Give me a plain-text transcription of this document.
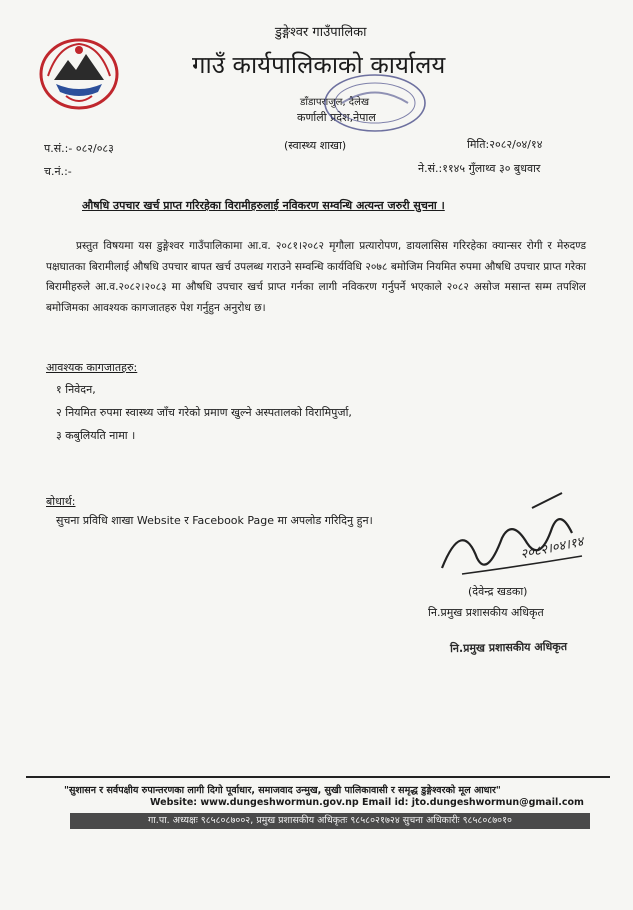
डुङ्गेश्वर गाउँपालिका
गाउँ कार्यपालिकाको कार्यालय
डाँडापराजुल, दैलेख
कर्णाली प्रदेश,नेपाल
(स्वास्थ्य शाखा)
प.सं.:- ०८२/०८३
च.नं.:-
मिति:२०८२/०४/१४
ने.सं.:११४५ गुँलाथ्व ३० बुधवार
औषधि उपचार खर्च प्राप्त गरिरहेका विरामीहरुलाई नविकरण सम्वन्धि अत्यन्त जरुरी सुचना ।

प्रस्तुत विषयमा यस डुङ्गेश्वर गाउँपालिकामा आ.व. २०८१।२०८२ मृगौला प्रत्यारोपण, डायलासिस गरिरहेका क्यान्सर रोगी र मेरुदण्ड पक्षघातका बिरामीलाई औषधि उपचार बापत खर्च उपलब्ध गराउने सम्वन्धि कार्यविधि २०७८ बमोजिम नियमित रुपमा औषधि उपचार प्राप्त गरेका बिरामीहरुले आ.व.२०८२।२०८३ मा औषधि उपचार खर्च प्राप्त गर्नका लागी नविकरण गर्नुपर्ने भएकाले २०८२ असोज मसान्त सम्म तपशिल बमोजिमका आवश्यक कागजातहरु पेश गर्नुहुन अनुरोध छ।

आवश्यक कागजातहरु:
१ निवेदन,
२ नियमित रुपमा स्वास्थ्य जाँच गरेको प्रमाण खुल्ने अस्पतालको विरामिपुर्जा,
३ कबुलियति नामा ।
बोधार्थ:
सुचना प्रविधि शाखा Website र Facebook Page मा अपलोड गरिदिनु हुन।
२०८२।०४।१४
(देवेन्द्र खडका)
नि.प्रमुख प्रशासकीय अधिकृत
नि.प्रमुख प्रशासकीय अधिकृत
"सुशासन र सर्वपक्षीय रुपान्तरणका लागी दिगो पूर्वाधार, समाजवाद उन्मुख, सुखी पालिकावासी र समृद्ध डुङ्गेश्वरको मूल आधार"
Website: www.dungeshwormun.gov.np Email id: jto.dungeshwormun@gmail.com
गा.पा. अध्यक्षः ९८५८०८७००२, प्रमुख प्रशासकीय अधिकृतः ९८५८०२१७२४ सुचना अधिकारीः ९८५८०८७०१०
